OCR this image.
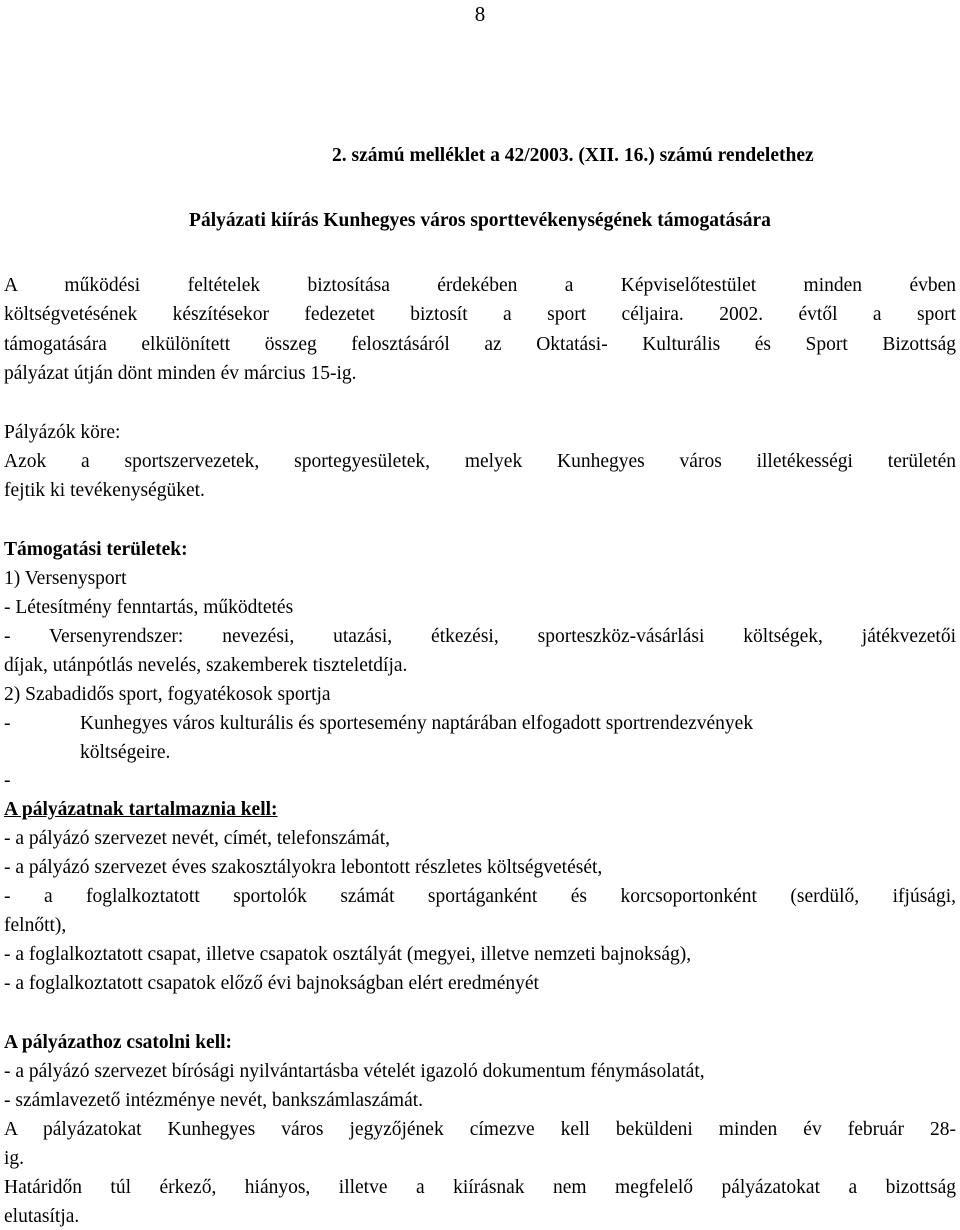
8
2. számú melléklet a 42/2003. (XII. 16.) számú rendelethez
Pályázati kiírás Kunhegyes város sporttevékenységének támogatására
A működési feltételek biztosítása érdekében a Képviselőtestület minden évben
költségvetésének készítésekor fedezetet biztosít a sport céljaira. 2002. évtől a sport
támogatására elkülönített összeg felosztásáról az Oktatási- Kulturális és Sport Bizottság
pályázat útján dönt minden év március 15-ig.
Pályázók köre:
Azok a sportszervezetek, sportegyesületek, melyek Kunhegyes város illetékességi területén
fejtik ki tevékenységüket.
Támogatási területek:
1) Versenysport
- Létesítmény fenntartás, működtetés
- Versenyrendszer: nevezési, utazási, étkezési, sporteszköz-vásárlási költségek, játékvezetői
díjak, utánpótlás nevelés, szakemberek tiszteletdíja.
2) Szabadidős sport, fogyatékosok sportja
-	Kunhegyes város kulturális és sportesemény naptárában elfogadott sportrendezvények
költségeire.
-
A pályázatnak tartalmaznia kell:
- a pályázó szervezet nevét, címét, telefonszámát,
- a pályázó szervezet éves szakosztályokra lebontott részletes költségvetését,
- a foglalkoztatott sportolók számát sportáganként és korcsoportonként (serdülő, ifjúsági,
felnőtt),
- a foglalkoztatott csapat, illetve csapatok osztályát (megyei, illetve nemzeti bajnokság),
- a foglalkoztatott csapatok előző évi bajnokságban elért eredményét
A pályázathoz csatolni kell:
- a pályázó szervezet bírósági nyilvántartásba vételét igazoló dokumentum fénymásolatát,
- számlavezető intézménye nevét, bankszámlaszámát.
A pályázatokat Kunhegyes város jegyzőjének címezve kell beküldeni minden év február 28-
ig.
Határidőn túl érkező, hiányos, illetve a kiírásnak nem megfelelő pályázatokat a bizottság
elutasítja.
